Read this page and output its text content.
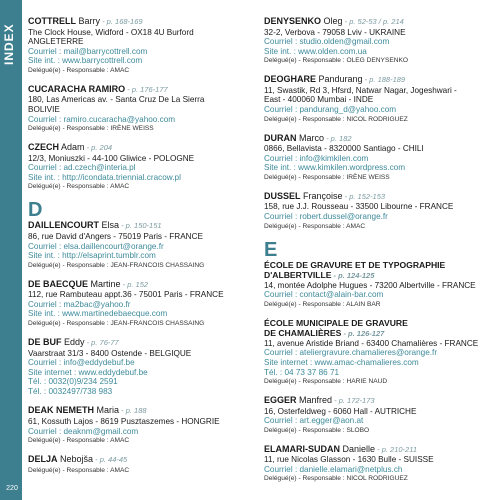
INDEX
220
COTTRELL Barry - p. 168-169
The Clock House, Widford - OX18 4U Burford
ANGLETERRE
Courriel : mail@barrycottrell.com
Site int. : www.barrycottrell.com
Delégué(e) - Responsable : AMAC
CUCARACHA RAMIRO - p. 176-177
180, Las Americas av. - Santa Cruz De La Sierra
BOLIVIE
Courriel : ramiro.cucaracha@yahoo.com
Delégué(e) - Responsable : IRÈNE WEISS
CZECH Adam - p. 204
12/3, Moniuszki - 44-100 Gliwice - POLOGNE
Courriel : ad.czech@interia.pl
Site int. : http://icondata.triennial.cracow.pl
Delégué(e) - Responsable : AMAC
D
DAILLENCOURT Elsa - p. 150-151
86, rue David d'Angers - 75019 Paris - FRANCE
Courriel : elsa.daillencourt@orange.fr
Site int. : http://elsaprint.tumblr.com
Delégué(e) - Responsable : JEAN-FRANCOIS CHASSAING
DE BAECQUE Martine - p. 152
112, rue Rambuteau appt.36 - 75001 Paris - FRANCE
Courriel : ma2bac@yahoo.fr
Site int. : www.martinedebaecque.com
Delégué(e) - Responsable : JEAN-FRANCOIS CHASSAING
DE BUF Eddy - p. 76-77
Vaarstraat 31/3 - 8400 Ostende - BELGIQUE
Courriel : info@eddydebuf.be
Site internet : www.eddydebuf.be
Tél. : 0032(0)9/234 2591
Tél. : 0032497/738 983
DEAK NEMETH Maria - p. 188
61, Kossuth Lajos - 8619 Pusztaszemes - HONGRIE
Courriel : deaknm@gmail.com
Delégué(e) - Responsable : AMAC
DELJA Nebojša - p. 44-45
Delégué(e) - Responsable : AMAC
DENYSENKO Oleg - p. 52-53 / p. 214
32-2, Verbova - 79058 Lviv - UKRAINE
Courriel : studio.olden@gmail.com
Site int. : www.olden.com.ua
Delégué(e) - Responsable : OLEG DENYSENKO
DEOGHARE Pandurang - p. 188-189
11, Swastik, Rd 3, Hfsrd, Natwar Nagar, Jogeshwari -
East - 400060 Mumbai - INDE
Courriel : pandurang_d@yahoo.com
Delégué(e) - Responsable : NICOL RODRIGUEZ
DURAN Marco - p. 182
0866, Bellavista - 8320000 Santiago - CHILI
Courriel : info@kimkilen.com
Site int. : www.kimkilen.wordpress.com
Delégué(e) - Responsable : IRÈNE WEISS
DUSSEL Françoise - p. 152-153
158, rue J.J. Rousseau - 33500 Libourne - FRANCE
Courriel : robert.dussel@orange.fr
Delégué(e) - Responsable : AMAC
E
ÉCOLE DE GRAVURE ET DE TYPOGRAPHIE
D'ALBERTVILLE - p. 124-125
14, montée Adolphe Hugues - 73200 Albertville - FRANCE
Courriel : contact@alain-bar.com
Delégué(e) - Responsable : ALAIN BAR
ÉCOLE MUNICIPALE DE GRAVURE
DE CHAMALIÈRES - p. 126-127
11, avenue Aristide Briand - 63400 Chamalières - FRANCE
Courriel : ateliergravure.chamalieres@orange.fr
Site internet : www.amac-chamalieres.com
Tél. : 04 73 37 86 71
Delégué(e) - Responsable : HARIE NAUD
EGGER Manfred - p. 172-173
16, Osterfeldweg - 6060 Hall - AUTRICHE
Courriel : art.egger@aon.at
Delégué(e) - Responsable : SLOBO
ELAMARI-SUDAN Danielle - p. 210-211
11, rue Nicolas Glasson - 1630 Bulle - SUISSE
Courriel : danielle.elamari@netplus.ch
Delégué(e) - Responsable : NICOL RODRIGUEZ
